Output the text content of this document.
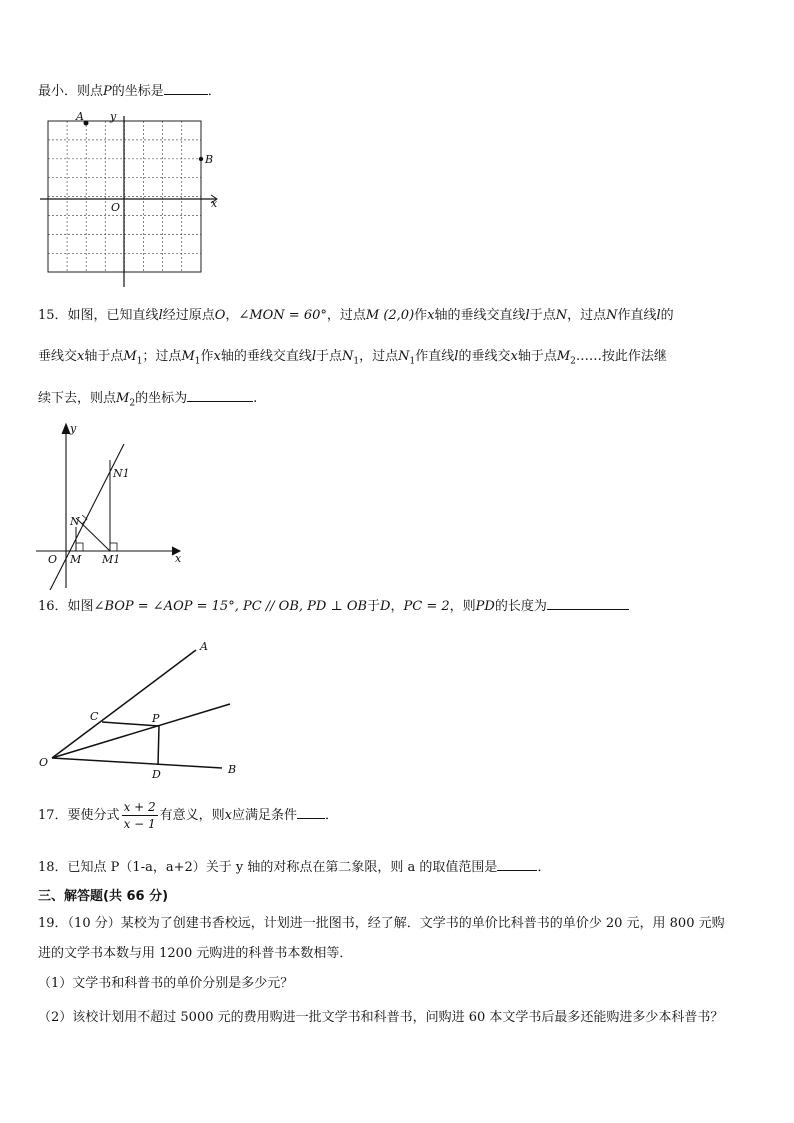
最小．则点P的坐标是	．
A
B
O	x
y
15．如图，已知直线l经过原点O，∠MON = 60°，过点M (2,0)作x轴的垂线交直线l于点N，过点N作直线l的
垂线交x轴于点$M_1$；过点$M_1$作x轴的垂线交直线l于点$N_1$，过点$N_1$作直线l的垂线交x轴于点$M_2\dots\dots$按此作法继
续下去，则点$M_2$的坐标为	.
y
x
O M
N
M1
N1
16．如图∠BOP = ∠AOP = 15°, PC // OB, PD ⊥ OB于D，PC = 2，则PD的长度为
A
B
C
D
O
P
17．要使分式 $\frac{x + 2}{x - 1}$ 有意义，则x应满足条件 ．
18．已知点 P（1-a，a+2）关于 y 轴的对称点在第二象限，则 a 的取值范围是	．
三、解答题(共 66 分)
19．（10 分）某校为了创建书香校远，计划进一批图书，经了解．文学书的单价比科普书的单价少 20 元，用 800 元购
进的文学书本数与用 1200 元购进的科普书本数相等．
（1）文学书和科普书的单价分别是多少元？
（2）该校计划用不超过 5000 元的费用购进一批文学书和科普书，问购进 60 本文学书后最多还能购进多少本科普书？
